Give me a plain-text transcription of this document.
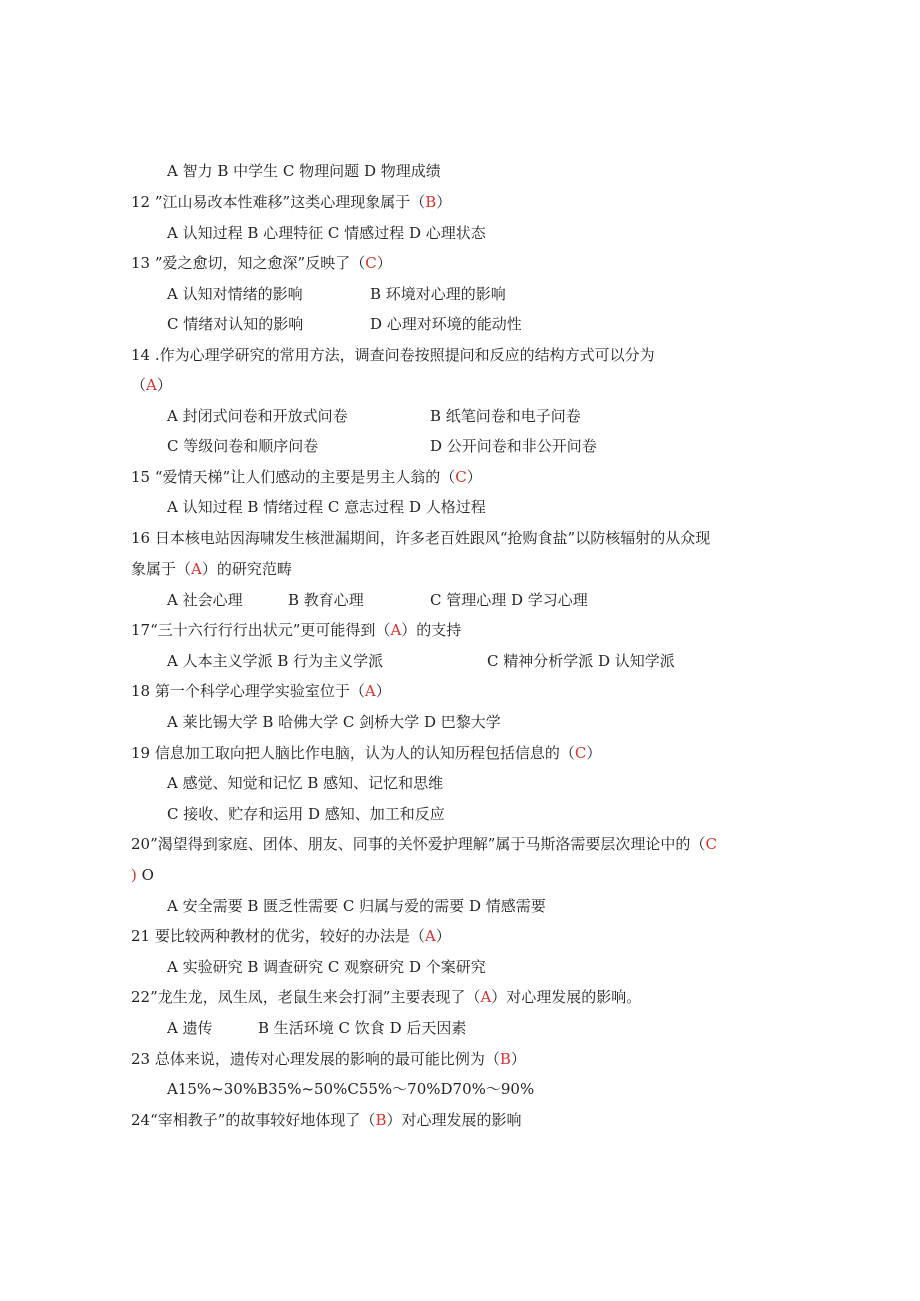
A 智力 B 中学生 C 物理问题 D 物理成绩
12 ”江山易改本性难移”这类心理现象属于（B）
A 认知过程 B 心理特征 C 情感过程 D 心理状态
13 ”爱之愈切，知之愈深”反映了（C）
A 认知对情绪的影响	B 环境对心理的影响
C 情绪对认知的影响	D 心理对环境的能动性
14 .作为心理学研究的常用方法，调查问卷按照提问和反应的结构方式可以分为
（A）
A 封闭式问卷和开放式问卷	B 纸笔问卷和电子问卷
C 等级问卷和顺序问卷	D 公开问卷和非公开问卷
15 “爱情天梯”让人们感动的主要是男主人翁的（C）
A 认知过程 B 情绪过程 C 意志过程 D 人格过程
16 日本核电站因海啸发生核泄漏期间，许多老百姓跟风“抢购食盐”以防核辐射的从众现
象属于（A）的研究范畴
A 社会心理	B 教育心理	C 管理心理 D 学习心理
17“三十六行行行出状元”更可能得到（A）的支持
A 人本主义学派 B 行为主义学派	C 精神分析学派 D 认知学派
18 第一个科学心理学实验室位于（A）
A 莱比锡大学 B 哈佛大学 C 剑桥大学 D 巴黎大学
19 信息加工取向把人脑比作电脑，认为人的认知历程包括信息的（C）
A 感觉、知觉和记忆 B 感知、记忆和思维
C 接收、贮存和运用 D 感知、加工和反应
20”渴望得到家庭、团体、朋友、同事的关怀爱护理解”属于马斯洛需要层次理论中的（C
) O
A 安全需要 B 匮乏性需要 C 归属与爱的需要 D 情感需要
21 要比较两种教材的优劣，较好的办法是（A）
A 实验研究 B 调查研究 C 观察研究 D 个案研究
22”龙生龙，凤生凤，老鼠生来会打洞”主要表现了（A）对心理发展的影响。
A 遗传	B 生活环境 C 饮食 D 后天因素
23 总体来说，遗传对心理发展的影响的最可能比例为（B）
A15%~30%B35%~50%C55%～70%D70%～90%
24“宰相教子”的故事较好地体现了（B）对心理发展的影响
